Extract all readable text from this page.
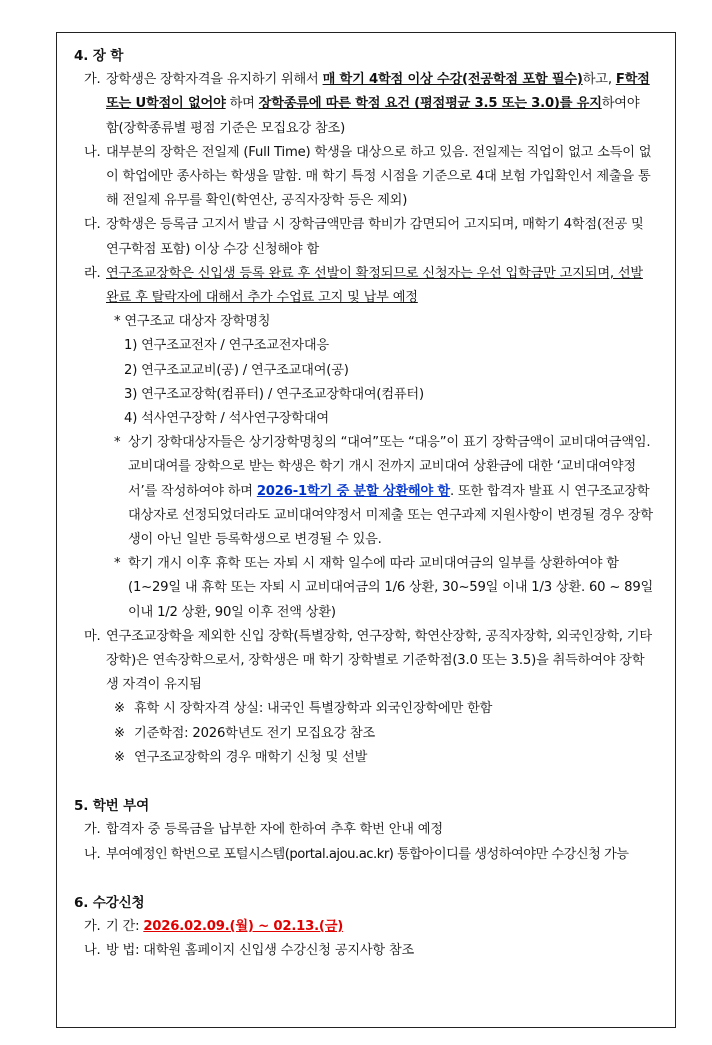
4. 장 학
가. 장학생은 장학자격을 유지하기 위해서 매 학기 4학점 이상 수강(전공학점 포함 필수)하고, F학점 또는 U학점이 없어야 하며 장학종류에 따른 학점 요건 (평점평균 3.5 또는 3.0)를 유지하여야 함(장학종류별 평점 기준은 모집요강 참조)
나. 대부분의 장학은 전일제 (Full Time) 학생을 대상으로 하고 있음. 전일제는 직업이 없고 소득이 없이 학업에만 종사하는 학생을 말함. 매 학기 특정 시점을 기준으로 4대 보험 가입확인서 제출을 통해 전일제 유무를 확인(학연산, 공직자장학 등은 제외)
다. 장학생은 등록금 고지서 발급 시 장학금액만큼 학비가 감면되어 고지되며, 매학기 4학점(전공 및 연구학점 포함) 이상 수강 신청해야 함
라. 연구조교장학은 신입생 등록 완료 후 선발이 확정되므로 신청자는 우선 입학금만 고지되며, 선발 완료 후 탈락자에 대해서 추가 수업료 고지 및 납부 예정
* 연구조교 대상자 장학명칭
1) 연구조교전자 / 연구조교전자대응
2) 연구조교교비(공) / 연구조교대여(공)
3) 연구조교장학(컴퓨터) / 연구조교장학대여(컴퓨터)
4) 석사연구장학 / 석사연구장학대여
* 상기 장학대상자들은 상기장학명칭의 “대여”또는 “대응”이 표기 장학금액이 교비대여금액임. 교비대여를 장학으로 받는 학생은 학기 개시 전까지 교비대여 상환금에 대한 ‘교비대여약정서’를 작성하여야 하며 2026-1학기 중 분할 상환해야 함. 또한 합격자 발표 시 연구조교장학대상자로 선정되었더라도 교비대여약정서 미제출 또는 연구과제 지원사항이 변경될 경우 장학생이 아닌 일반 등록학생으로 변경될 수 있음.
* 학기 개시 이후 휴학 또는 자퇴 시 재학 일수에 따라 교비대여금의 일부를 상환하여야 함(1~29일 내 휴학 또는 자퇴 시 교비대여금의 1/6 상환, 30~59일 이내 1/3 상환. 60 ~ 89일 이내 1/2 상환, 90일 이후 전액 상환)
마. 연구조교장학을 제외한 신입 장학(특별장학, 연구장학, 학연산장학, 공직자장학, 외국인장학, 기타 장학)은 연속장학으로서, 장학생은 매 학기 장학별로 기준학점(3.0 또는 3.5)을 취득하여야 장학생 자격이 유지됨
※ 휴학 시 장학자격 상실: 내국인 특별장학과 외국인장학에만 한함
※ 기준학점: 2026학년도 전기 모집요강 참조
※ 연구조교장학의 경우 매학기 신청 및 선발
5. 학번 부여
가. 합격자 중 등록금을 납부한 자에 한하여 추후 학번 안내 예정
나. 부여예정인 학번으로 포털시스템(portal.ajou.ac.kr) 통합아이디를 생성하여야만 수강신청 가능
6. 수강신청
가. 기 간: 2026.02.09.(월) ~ 02.13.(금)
나. 방 법: 대학원 홈페이지 신입생 수강신청 공지사항 참조
